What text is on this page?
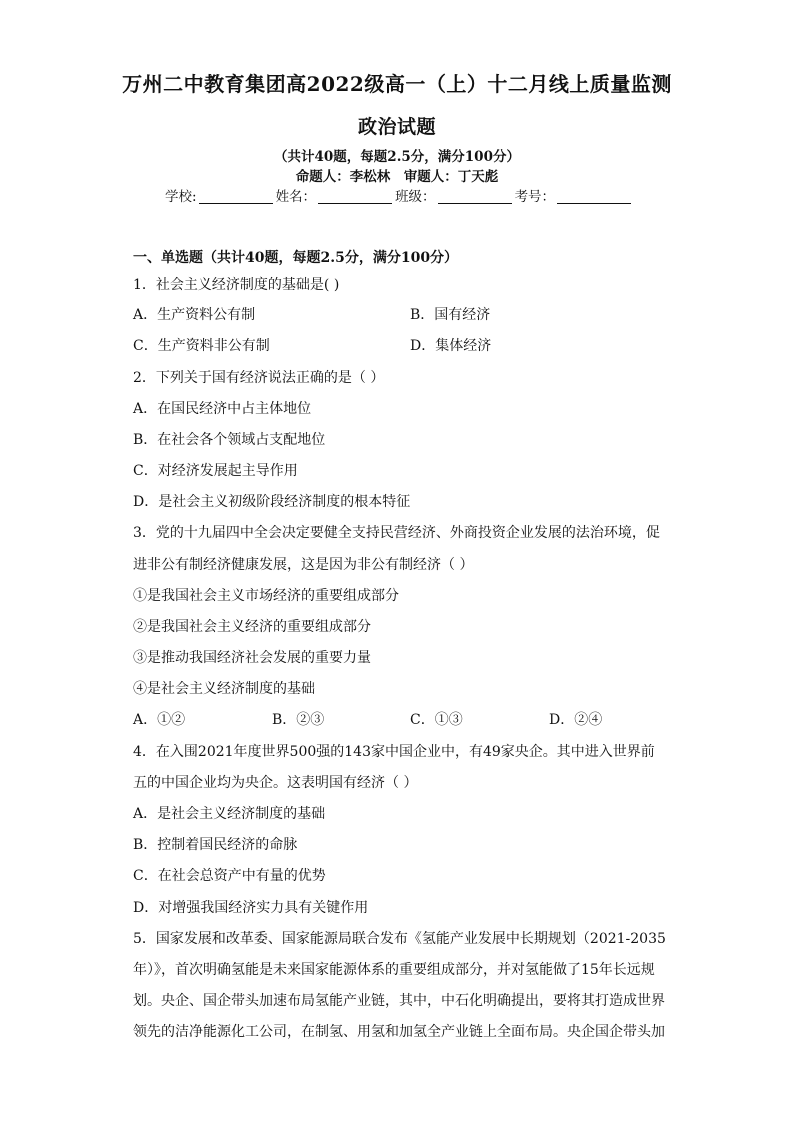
万州二中教育集团高2022级高一（上）十二月线上质量监测
政治试题
（共计40题，每题2.5分，满分100分）
命题人：李松林　审题人：丁天彪
学校:	姓名：	班级：	考号：
一、单选题（共计40题，每题2.5分，满分100分）
1．社会主义经济制度的基础是( )
A．生产资料公有制	B．国有经济
C．生产资料非公有制	D．集体经济
2．下列关于国有经济说法正确的是（ ）
A．在国民经济中占主体地位
B．在社会各个领域占支配地位
C．对经济发展起主导作用
D．是社会主义初级阶段经济制度的根本特征
3．党的十九届四中全会决定要健全支持民营经济、外商投资企业发展的法治环境，促
进非公有制经济健康发展，这是因为非公有制经济（ ）
①是我国社会主义市场经济的重要组成部分
②是我国社会主义经济的重要组成部分
③是推动我国经济社会发展的重要力量
④是社会主义经济制度的基础
A．①②	B．②③	C．①③	D．②④
4．在入围2021年度世界500强的143家中国企业中，有49家央企。其中进入世界前
五的中国企业均为央企。这表明国有经济（ ）
A．是社会主义经济制度的基础
B．控制着国民经济的命脉
C．在社会总资产中有量的优势
D．对增强我国经济实力具有关键作用
5．国家发展和改革委、国家能源局联合发布《氢能产业发展中长期规划（2021-2035
年）》，首次明确氢能是未来国家能源体系的重要组成部分，并对氢能做了15年长远规
划。央企、国企带头加速布局氢能产业链，其中，中石化明确提出，要将其打造成世界
领先的洁净能源化工公司，在制氢、用氢和加氢全产业链上全面布局。央企国企带头加
